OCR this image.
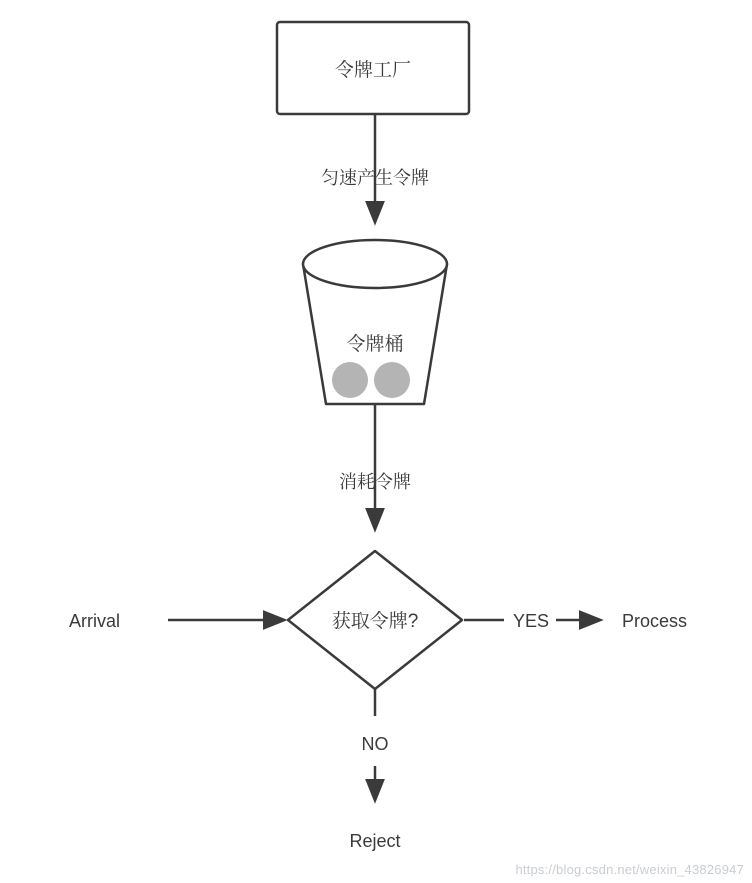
令牌工厂
匀速产生令牌
令牌桶
消耗令牌
获取令牌?
Arrival	YES	Process
NO
Reject
https://blog.csdn.net/weixin_43826947
